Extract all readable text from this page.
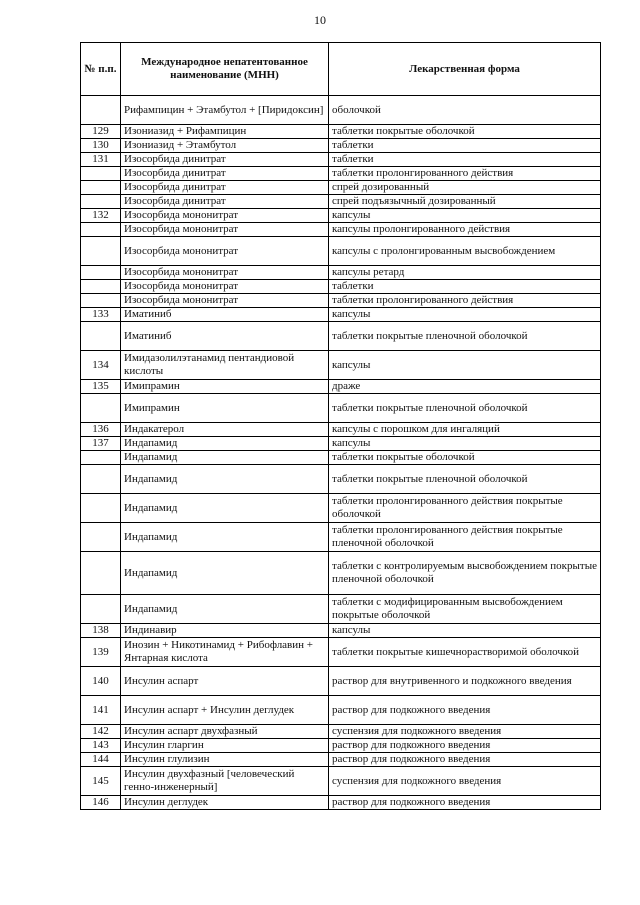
10
№ п.п.	Международное непатентованное наименование (МНН)	Лекарственная форма
	Рифампицин + Этамбутол + [Пиридоксин]	оболочкой
129	Изониазид + Рифампицин	таблетки покрытые оболочкой
130	Изониазид + Этамбутол	таблетки
131	Изосорбида динитрат	таблетки
	Изосорбида динитрат	таблетки пролонгированного действия
	Изосорбида динитрат	спрей дозированный
	Изосорбида динитрат	спрей подъязычный дозированный
132	Изосорбида мононитрат	капсулы
	Изосорбида мононитрат	капсулы пролонгированного действия
	Изосорбида мононитрат	капсулы с пролонгированным высвобождением
	Изосорбида мононитрат	капсулы ретард
	Изосорбида мононитрат	таблетки
	Изосорбида мононитрат	таблетки пролонгированного действия
133	Иматиниб	капсулы
	Иматиниб	таблетки покрытые пленочной оболочкой
134	Имидазолилэтанамид пентандиовой кислоты	капсулы
135	Имипрамин	драже
	Имипрамин	таблетки покрытые пленочной оболочкой
136	Индакатерол	капсулы с порошком для ингаляций
137	Индапамид	капсулы
	Индапамид	таблетки покрытые оболочкой
	Индапамид	таблетки покрытые пленочной оболочкой
	Индапамид	таблетки пролонгированного действия покрытые оболочкой
	Индапамид	таблетки пролонгированного действия покрытые пленочной оболочкой
	Индапамид	таблетки с контролируемым высвобождением покрытые пленочной оболочкой
	Индапамид	таблетки с модифицированным высвобождением покрытые оболочкой
138	Индинавир	капсулы
139	Инозин + Никотинамид + Рибофлавин + Янтарная кислота	таблетки покрытые кишечнорастворимой оболочкой
140	Инсулин аспарт	раствор для внутривенного и подкожного введения
141	Инсулин аспарт + Инсулин деглудек	раствор для подкожного введения
142	Инсулин аспарт двухфазный	суспензия для подкожного введения
143	Инсулин гларгин	раствор для подкожного введения
144	Инсулин глулизин	раствор для подкожного введения
145	Инсулин двухфазный [человеческий генно-инженерный]	суспензия для подкожного введения
146	Инсулин деглудек	раствор для подкожного введения
